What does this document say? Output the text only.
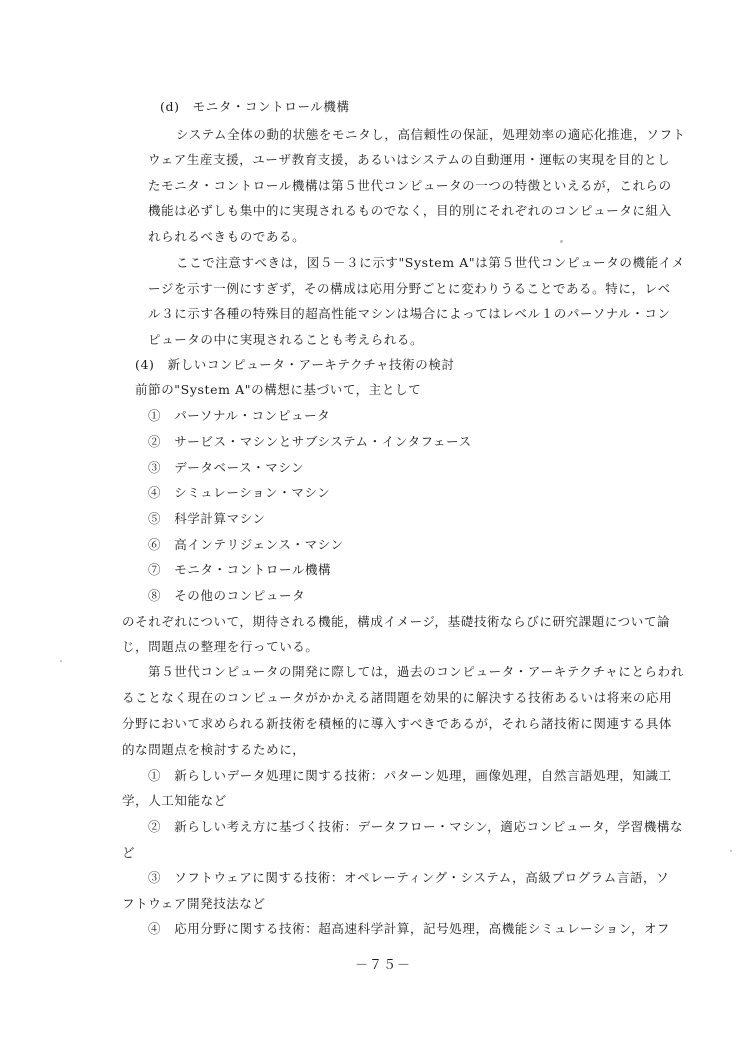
(d)　モニタ・コントロール機構
システム全体の動的状態をモニタし，高信頼性の保証，処理効率の適応化推進，ソフト
ウェア生産支援，ユーザ教育支援，あるいはシステムの自動運用・運転の実現を目的とし
たモニタ・コントロール機構は第５世代コンピュータの一つの特徴といえるが，これらの
機能は必ずしも集中的に実現されるものでなく，目的別にそれぞれのコンピュータに組入
れられるべきものである。
ここで注意すべきは，図５－３に示す"System A"は第５世代コンピュータの機能イメ
ージを示す一例にすぎず，その構成は応用分野ごとに変わりうることである。特に，レベ
ル３に示す各種の特殊目的超高性能マシンは場合によってはレベル１のパーソナル・コン
ピュータの中に実現されることも考えられる。
(4)　新しいコンピュータ・アーキテクチャ技術の検討
前節の"System A"の構想に基づいて，主として
①　パーソナル・コンピュータ
②　サービス・マシンとサブシステム・インタフェース
③　データベース・マシン
④　シミュレーション・マシン
⑤　科学計算マシン
⑥　高インテリジェンス・マシン
⑦　モニタ・コントロール機構
⑧　その他のコンピュータ
のそれぞれについて，期待される機能，構成イメージ，基礎技術ならびに研究課題について論
じ，問題点の整理を行っている。
第５世代コンピュータの開発に際しては，過去のコンピュータ・アーキテクチャにとらわれ
ることなく現在のコンピュータがかかえる諸問題を効果的に解決する技術あるいは将来の応用
分野において求められる新技術を積極的に導入すべきであるが，それら諸技術に関連する具体
的な問題点を検討するために，
①　新らしいデータ処理に関する技術：パターン処理，画像処理，自然言語処理，知識工
学，人工知能など
②　新らしい考え方に基づく技術：データフロー・マシン，適応コンピュータ，学習機構な
ど
③　ソフトウェアに関する技術：オペレーティング・システム，高級プログラム言語，ソ
フトウェア開発技法など
④　応用分野に関する技術：超高速科学計算，記号処理，高機能シミュレーション，オフ
－７５－
